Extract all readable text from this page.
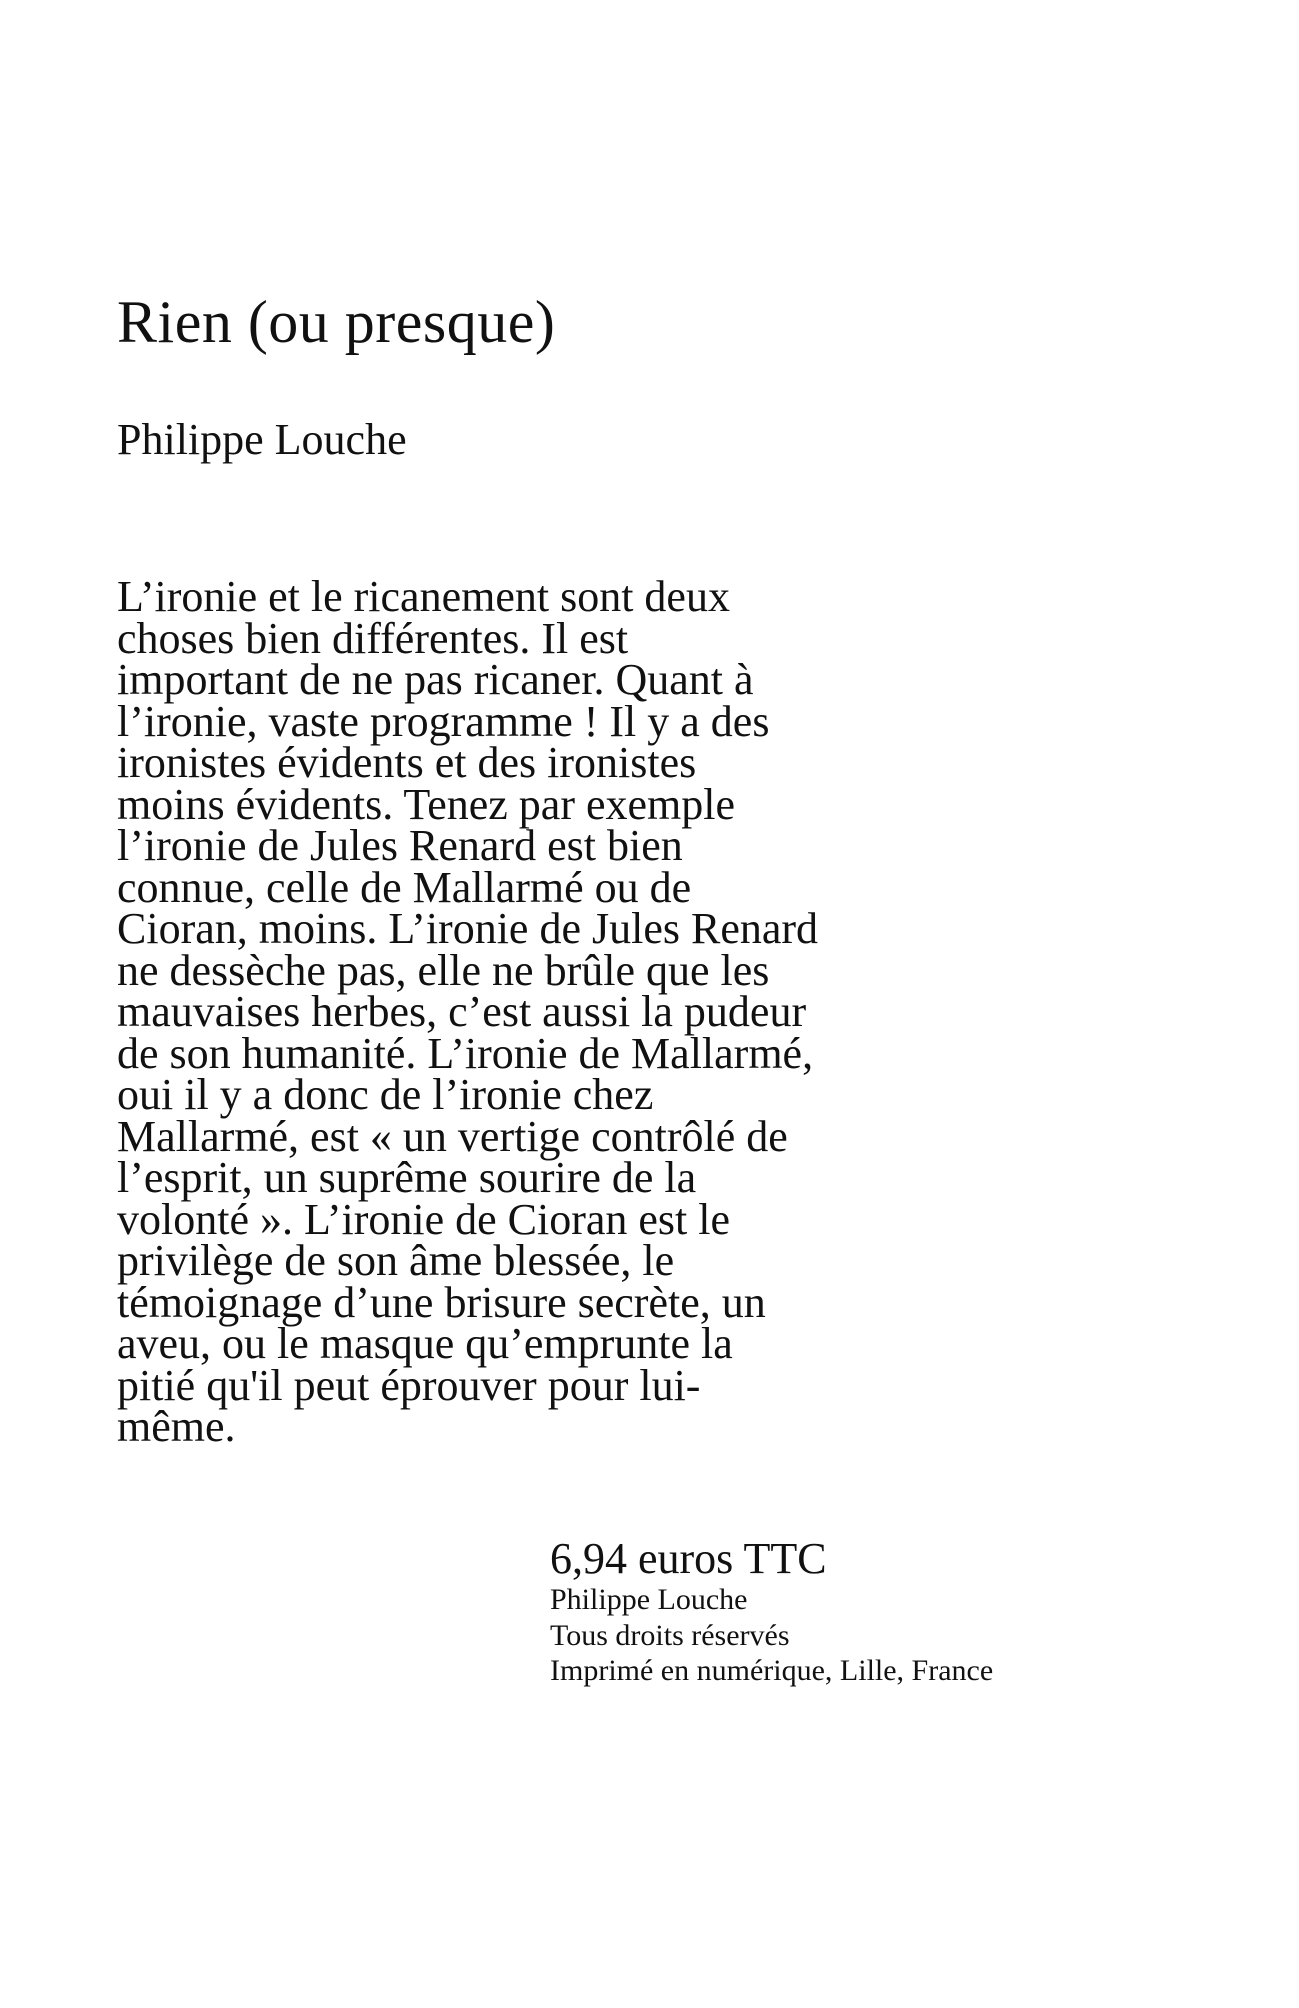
Rien (ou presque)
Philippe Louche
L’ironie et le ricanement sont deux
choses bien différentes. Il est
important de ne pas ricaner. Quant à
l’ironie, vaste programme ! Il y a des
ironistes évidents et des ironistes
moins évidents. Tenez par exemple
l’ironie de Jules Renard est bien
connue, celle de Mallarmé ou de
Cioran, moins. L’ironie de Jules Renard
ne dessèche pas, elle ne brûle que les
mauvaises herbes, c’est aussi la pudeur
de son humanité. L’ironie de Mallarmé,
oui il y a donc de l’ironie chez
Mallarmé, est « un vertige contrôlé de
l’esprit, un suprême sourire de la
volonté ». L’ironie de Cioran est le
privilège de son âme blessée, le
témoignage d’une brisure secrète, un
aveu, ou le masque qu’emprunte la
pitié qu'il peut éprouver pour lui-
même.
6,94 euros TTC
Philippe Louche
Tous droits réservés
Imprimé en numérique, Lille, France
